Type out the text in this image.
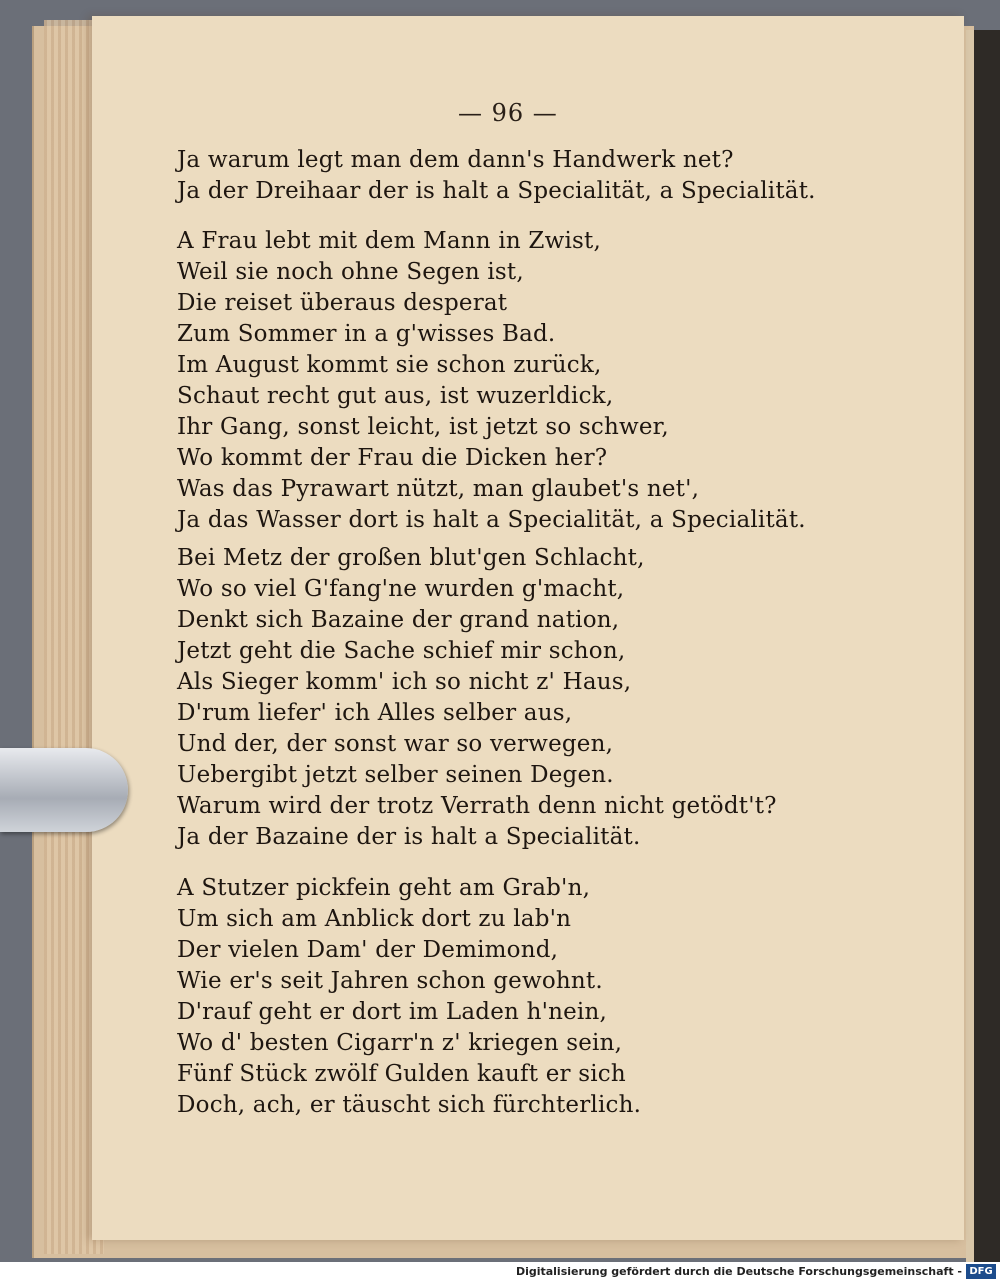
— 96 —
Ja warum legt man dem dann's Handwerk net?
Ja der Dreihaar der is halt a Specialität, a Specialität.
A Frau lebt mit dem Mann in Zwist,
Weil sie noch ohne Segen ist,
Die reiset überaus desperat
Zum Sommer in a g'wisses Bad.
Im August kommt sie schon zurück,
Schaut recht gut aus, ist wuzerldick,
Ihr Gang, sonst leicht, ist jetzt so schwer,
Wo kommt der Frau die Dicken her?
Was das Pyrawart nützt, man glaubet's net',
Ja das Wasser dort is halt a Specialität, a Specialität.
Bei Metz der großen blut'gen Schlacht,
Wo so viel G'fang'ne wurden g'macht,
Denkt sich Bazaine der grand nation,
Jetzt geht die Sache schief mir schon,
Als Sieger komm' ich so nicht z' Haus,
D'rum liefer' ich Alles selber aus,
Und der, der sonst war so verwegen,
Uebergibt jetzt selber seinen Degen.
Warum wird der trotz Verrath denn nicht getödt't?
Ja der Bazaine der is halt a Specialität.
A Stutzer pickfein geht am Grab'n,
Um sich am Anblick dort zu lab'n
Der vielen Dam' der Demimond,
Wie er's seit Jahren schon gewohnt.
D'rauf geht er dort im Laden h'nein,
Wo d' besten Cigarr'n z' kriegen sein,
Fünf Stück zwölf Gulden kauft er sich
Doch, ach, er täuscht sich fürchterlich.
Digitalisierung gefördert durch die Deutsche Forschungsgemeinschaft - DFG
